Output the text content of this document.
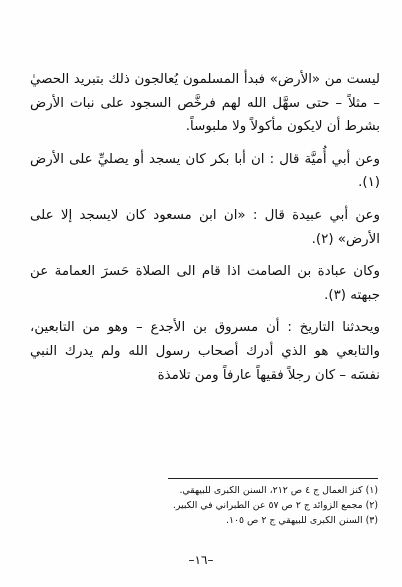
ليست من «الأرض» فبدأ المسلمون يُعالجون ذلك بتبريد الحصيٰ – مثلاً – حتى سهَّل الله لهم فرخَّص السجود على نبات الأرض بشرط أن لايكون مأكولاً ولا ملبوساً.

وعن أبي أُميَّة قال : ان أبا بكر كان يسجد أو يصليِّ على الأرض (١).

وعن أبي عبيدة قال : «ان ابن مسعود كان لايسجد إلا على الأرض» (٢).

وكان عبادة بن الصامت اذا قام الى الصلاة حَسرَ العمامة عن جبهته (٣).

ويحدثنا التاريخ : أن مسروق بن الأجدع – وهو من التابعين، والتابعي هو الذي أدرك أصحاب رسول الله ولم يدرك النبي نفسَه – كان رجلاً فقيهاً عارفاً ومن تلامذة

(١) كنز العمال ج ٤ ص ٢١٢، السنن الكبرى للبيهقي.
(٢) مجمع الزوائد ج ٢ ص ٥٧ عن الطبراني في الكبير.
(٣) السنن الكبرى للبيهقي ج ٢ ص ١٠٥.
–١٦–
